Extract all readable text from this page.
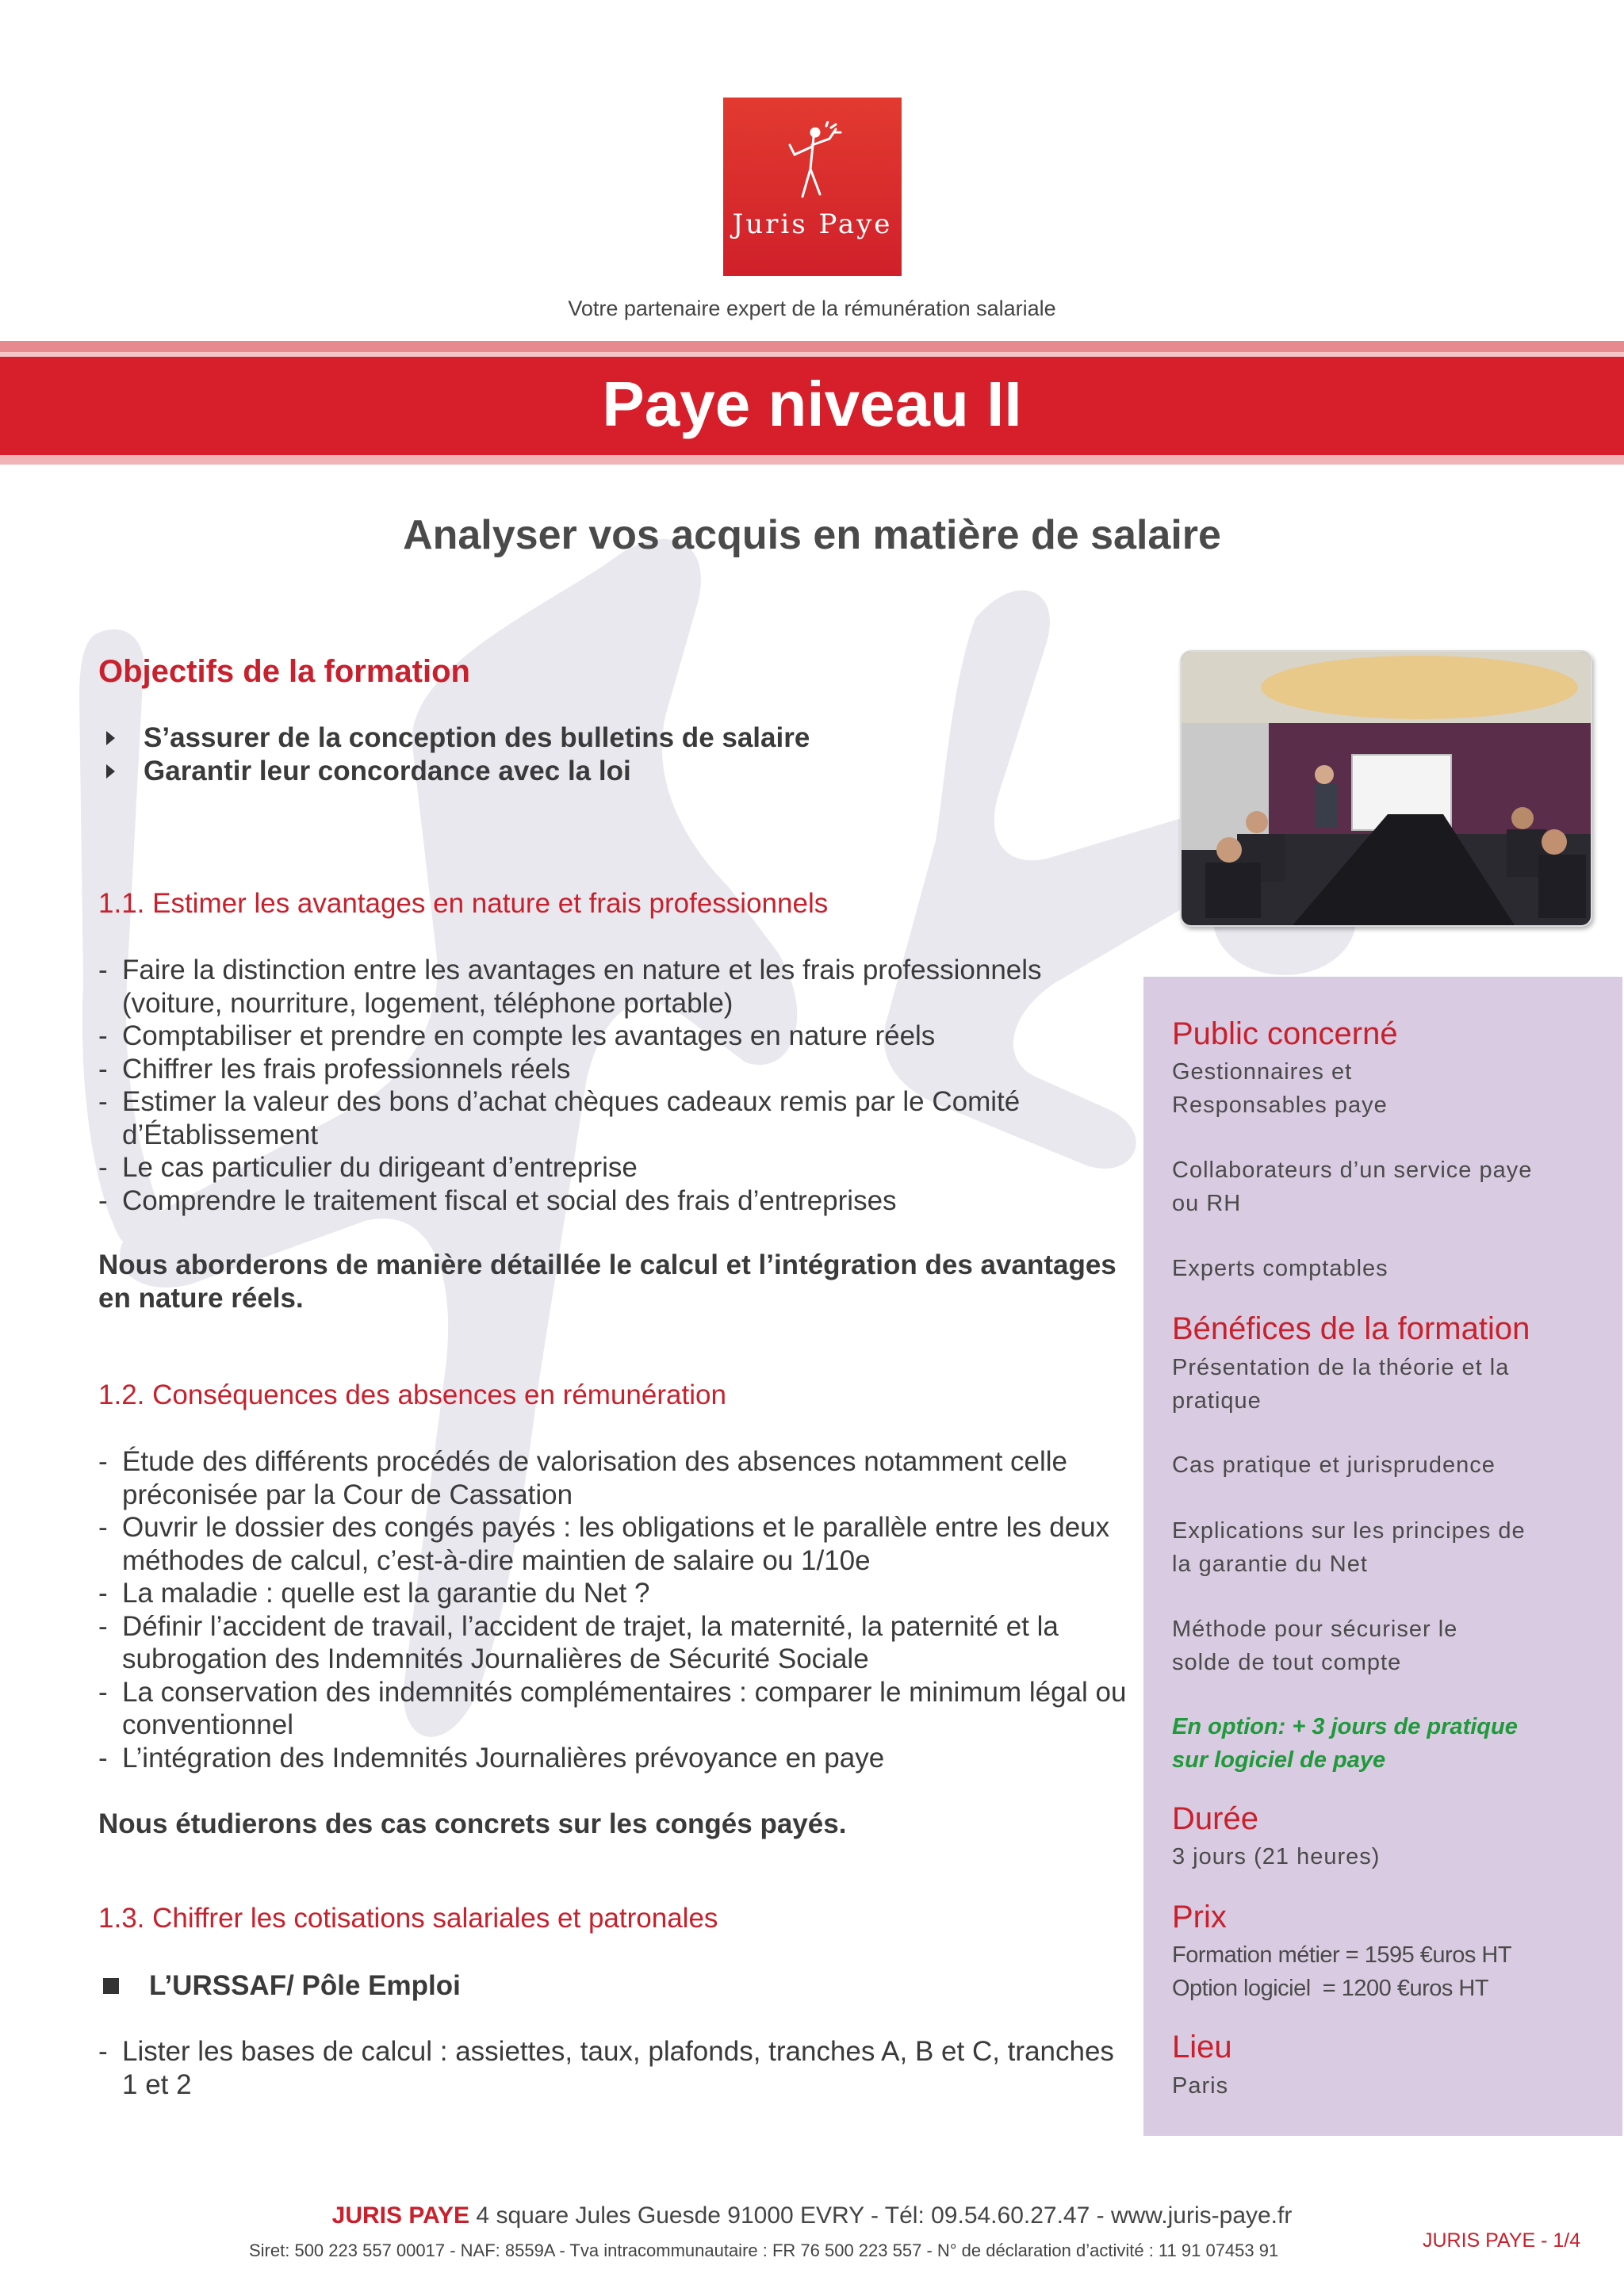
Juris Paye
Votre partenaire expert de la rémunération salariale
Paye niveau II
Analyser vos acquis en matière de salaire
Objectifs de la formation
S’assurer de la conception des bulletins de salaire
Garantir leur concordance avec la loi
1.1. Estimer les avantages en nature et frais professionnels
- Faire la distinction entre les avantages en nature et les frais professionnels (voiture, nourriture, logement, téléphone portable)
- Comptabiliser et prendre en compte les avantages en nature réels
- Chiffrer les frais professionnels réels
- Estimer la valeur des bons d’achat chèques cadeaux remis par le Comité d’Établissement
- Le cas particulier du dirigeant d’entreprise
- Comprendre le traitement fiscal et social des frais d’entreprises
Nous aborderons de manière détaillée le calcul et l’intégration des avantages en nature réels.
1.2. Conséquences des absences en rémunération
- Étude des différents procédés de valorisation des absences notamment celle préconisée par la Cour de Cassation
- Ouvrir le dossier des congés payés : les obligations et le parallèle entre les deux méthodes de calcul, c’est-à-dire maintien de salaire ou 1/10e
- La maladie : quelle est la garantie du Net ?
- Définir l’accident de travail, l’accident de trajet, la maternité, la paternité et la subrogation des Indemnités Journalières de Sécurité Sociale
- La conservation des indemnités complémentaires : comparer le minimum légal ou conventionnel
- L’intégration des Indemnités Journalières prévoyance en paye
Nous étudierons des cas concrets sur les congés payés.
1.3. Chiffrer les cotisations salariales et patronales
L’URSSAF/ Pôle Emploi
- Lister les bases de calcul : assiettes, taux, plafonds, tranches A, B et C, tranches 1 et 2
Public concerné
Gestionnaires et Responsables paye
Collaborateurs d’un service paye ou RH
Experts comptables
Bénéfices de la formation
Présentation de la théorie et la pratique
Cas pratique et jurisprudence
Explications sur les principes de la garantie du Net
Méthode pour sécuriser le solde de tout compte
En option: + 3 jours de pratique sur logiciel de paye
Durée
3 jours (21 heures)
Prix
Formation métier = 1595 €uros HT
Option logiciel  = 1200 €uros HT
Lieu
Paris
JURIS PAYE 4 square Jules Guesde 91000 EVRY - Tél: 09.54.60.27.47 - www.juris-paye.fr
Siret: 500 223 557 00017 - NAF: 8559A - Tva intracommunautaire : FR 76 500 223 557 - N° de déclaration d’activité : 11 91 07453 91	JURIS PAYE - 1/4
